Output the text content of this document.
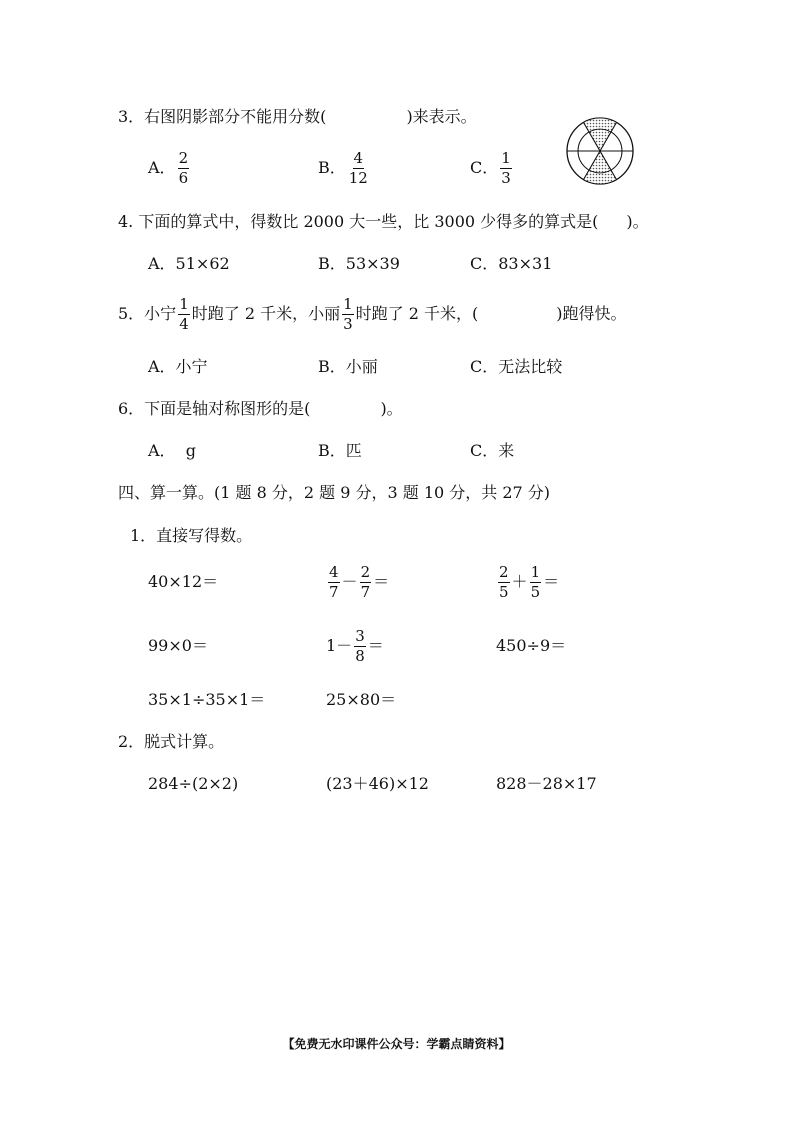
3．右图阴影部分不能用分数(	)来表示。
A． $\frac{2}{6}$	B． $\frac{4}{12}$	C． $\frac{1}{3}$
4. 下面的算式中，得数比 2000 大一些，比 3000 少得多的算式是( )。
A．51×62	B．53×39	C．83×31
5．小宁 $\frac{1}{4}$ 时跑了 2 千米，小丽 $\frac{1}{3}$ 时跑了 2 千米，(	)跑得快。
A．小宁	B．小丽	C．无法比较
6．下面是轴对称图形的是(	)。
A．  g	B．匹	C．来
四、算一算。(1 题 8 分，2 题 9 分，3 题 10 分，共 27 分)
1．直接写得数。
40×12＝	$\frac{4}{7} - \frac{2}{7}$ ＝	$\frac{2}{5} + \frac{1}{5}$ ＝
99×0＝	$1- \frac{3}{8}$ ＝	450÷9＝
35×1÷35×1＝	25×80＝
2．脱式计算。
284÷(2×2)	(23＋46)×12	828－28×17
【免费无水印课件公众号：学霸点睛资料】
